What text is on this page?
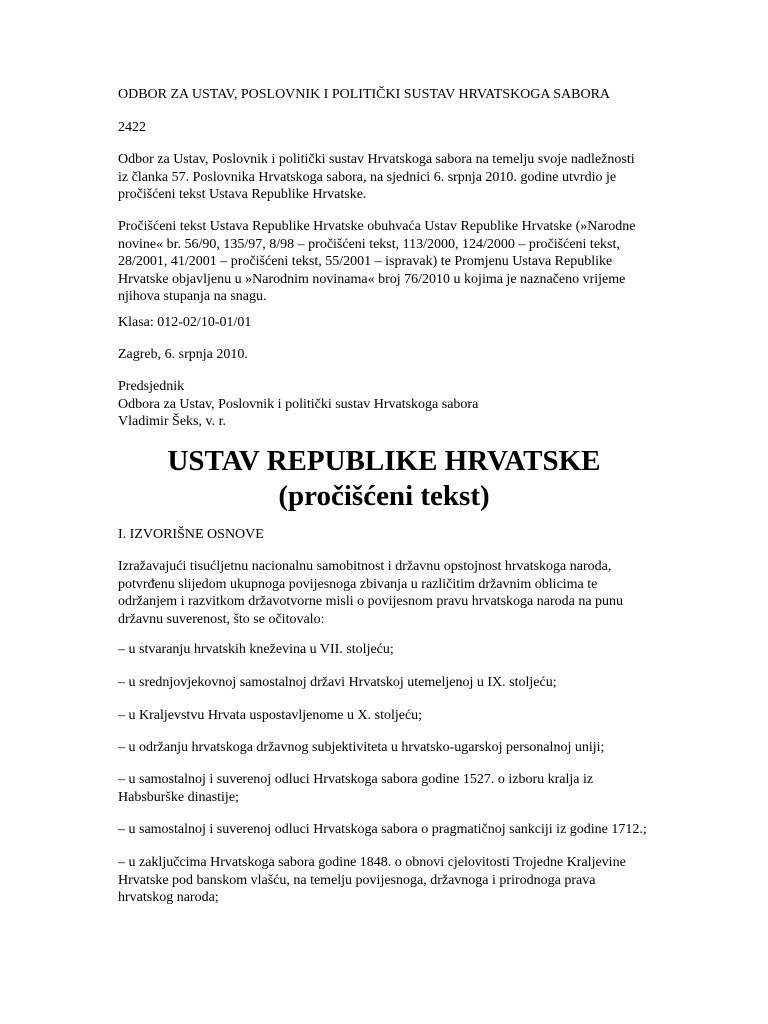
ODBOR ZA USTAV, POSLOVNIK I POLITIČKI SUSTAV HRVATSKOGA SABORA

2422

Odbor za Ustav, Poslovnik i politički sustav Hrvatskoga sabora na temelju svoje nadležnosti
iz članka 57. Poslovnika Hrvatskoga sabora, na sjednici 6. srpnja 2010. godine utvrdio je
pročišćeni tekst Ustava Republike Hrvatske.

Pročišćeni tekst Ustava Republike Hrvatske obuhvaća Ustav Republike Hrvatske (»Narodne
novine« br. 56/90, 135/97, 8/98 – pročišćeni tekst, 113/2000, 124/2000 – pročišćeni tekst,
28/2001, 41/2001 – pročišćeni tekst, 55/2001 – ispravak) te Promjenu Ustava Republike
Hrvatske objavljenu u »Narodnim novinama« broj 76/2010 u kojima je naznačeno vrijeme
njihova stupanja na snagu.

Klasa: 012-02/10-01/01

Zagreb, 6. srpnja 2010.

Predsjednik
Odbora za Ustav, Poslovnik i politički sustav Hrvatskoga sabora
Vladimir Šeks, v. r.

USTAV REPUBLIKE HRVATSKE
(pročišćeni tekst)

I. IZVORIŠNE OSNOVE

Izražavajući tisućljetnu nacionalnu samobitnost i državnu opstojnost hrvatskoga naroda,
potvrđenu slijedom ukupnoga povijesnoga zbivanja u različitim državnim oblicima te
održanjem i razvitkom državotvorne misli o povijesnom pravu hrvatskoga naroda na punu
državnu suverenost, što se očitovalo:

– u stvaranju hrvatskih kneževina u VII. stoljeću;

– u srednjovjekovnoj samostalnoj državi Hrvatskoj utemeljenoj u IX. stoljeću;

– u Kraljevstvu Hrvata uspostavljenome u X. stoljeću;

– u održanju hrvatskoga državnog subjektiviteta u hrvatsko-ugarskoj personalnoj uniji;

– u samostalnoj i suverenoj odluci Hrvatskoga sabora godine 1527. o izboru kralja iz
Habsburške dinastije;

– u samostalnoj i suverenoj odluci Hrvatskoga sabora o pragmatičnoj sankciji iz godine 1712.;

– u zaključcima Hrvatskoga sabora godine 1848. o obnovi cjelovitosti Trojedne Kraljevine
Hrvatske pod banskom vlašću, na temelju povijesnoga, državnoga i prirodnoga prava
hrvatskog naroda;
